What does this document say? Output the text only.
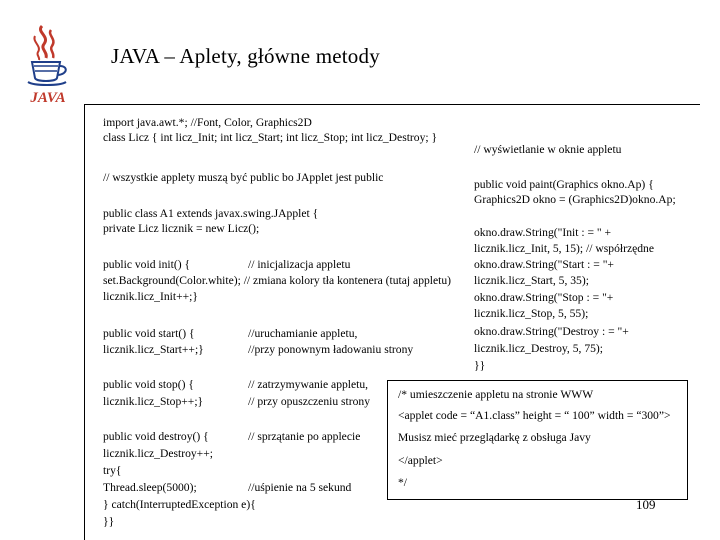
JAVA
JAVA – Aplety, główne metody
import java.awt.*; //Font, Color, Graphics2D
class Licz { int licz_Init; int licz_Start; int licz_Stop; int licz_Destroy; }
// wszystkie applety muszą być public bo JApplet jest public
public class A1 extends javax.swing.JApplet {
private Licz licznik = new Licz();
public void init() {	// inicjalizacja appletu
set.Background(Color.white); // zmiana kolory tła kontenera (tutaj appletu)
licznik.licz_Init++;}
public void start() {	//uruchamianie appletu,
licznik.licz_Start++;}	//przy ponownym ładowaniu strony
public void stop() {	// zatrzymywanie appletu,
licznik.licz_Stop++;}	// przy opuszczeniu strony
public void destroy() {	// sprzątanie po applecie
licznik.licz_Destroy++;
try{
Thread.sleep(5000);	//uśpienie na 5 sekund
} catch(InterruptedException e){
}}
// wyświetlanie w oknie appletu
public void paint(Graphics okno.Ap) {
Graphics2D okno = (Graphics2D)okno.Ap;
okno.draw.String("Init : = " +
licznik.licz_Init, 5, 15); // współrzędne
okno.draw.String("Start : = "+
licznik.licz_Start, 5, 35);
okno.draw.String("Stop : = "+
licznik.licz_Stop, 5, 55);
okno.draw.String("Destroy : = "+
licznik.licz_Destroy, 5, 75);
}}
/* umieszczenie appletu na stronie WWW
<applet code = “A1.class” height = “ 100” width = “300”>
Musisz mieć przeglądarkę z obsługa Javy
</applet>
*/
109
